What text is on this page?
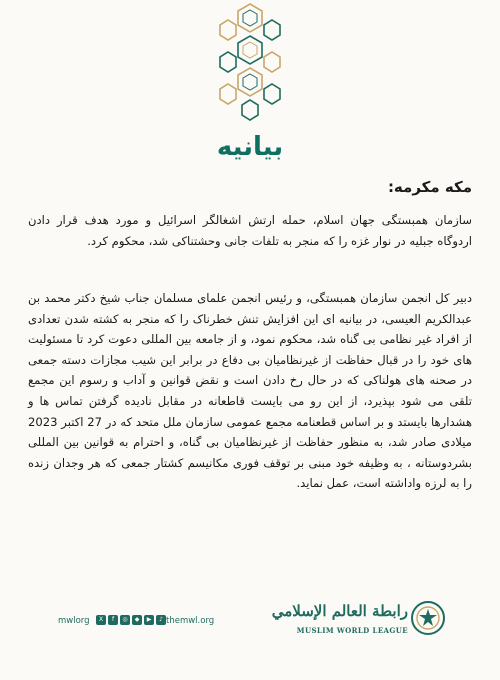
بیانیه
مکه مکرمه:
سازمان همبستگی جهان اسلام، حمله ارتش اشغالگر اسرائیل و مورد هدف قرار دادن اردوگاه جبلیه در نوار غزه را که منجر به تلفات جانی وحشتناکی شد، محکوم کرد.
دبیر کل انجمن سازمان همبستگی، و رئیس انجمن علمای مسلمان جناب شیخ دکتر محمد بن عبدالکریم العیسی، در بیانیه ای این افزایش تنش خطرناک را که منجر به کشته شدن تعدادی از افراد غیر نظامی بی گناه شد، محکوم نمود، و از جامعه بین المللی دعوت کرد تا مسئولیت های خود را در قبال حفاظت از غیرنظامیان بی دفاع در برابر این شیب مجازات دسته جمعی در صحنه های هولناکی که در حال رخ دادن است و نقض قوانین و آداب و رسوم این مجمع تلقی می شود بپذیرد، از این رو می بایست قاطعانه در مقابل نادیده گرفتن تماس ها و هشدارها بایستد و بر اساس قطعنامه مجمع عمومی سازمان ملل متحد که در 27 اکتبر 2023 میلادی صادر شد، به منظور حفاظت از غیرنظامیان بی گناه، و احترام به قوانین بین المللی بشردوستانه ، به وظیفه خود مبنی بر توقف فوری مکانیسم کشتار جمعی که هر وجدان زنده را به لرزه واداشته است، عمل نماید.
mwlorg	X	f	◎	◆	▶	♪ themwl.org
رابطة العالم الإسلامي
MUSLIM WORLD LEAGUE
